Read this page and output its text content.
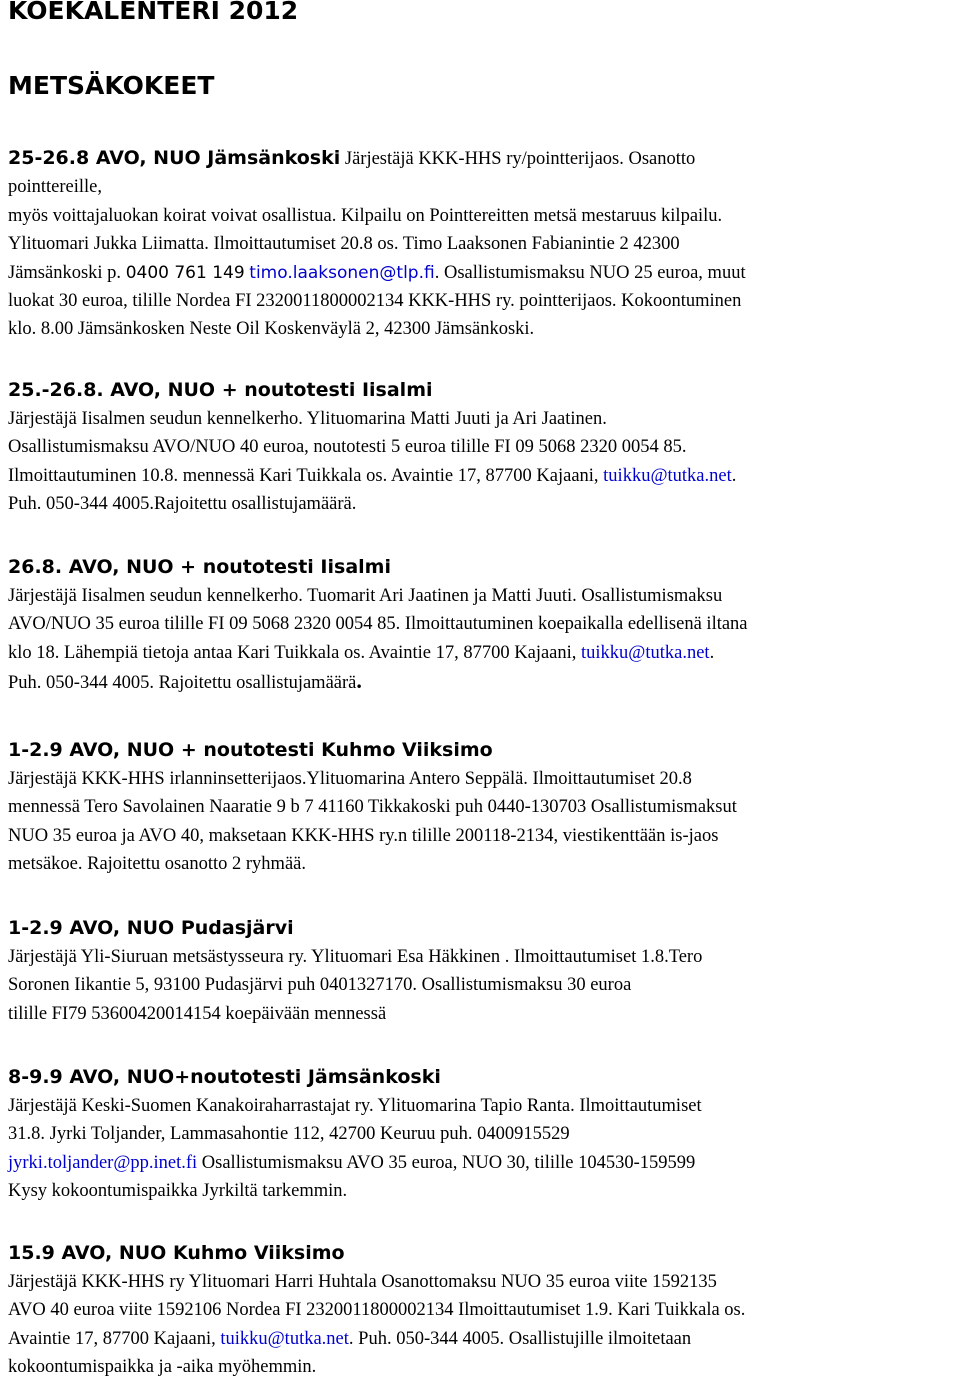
KOEKALENTERI 2012
METSÄKOKEET
25-26.8 AVO, NUO Jämsänkoski Järjestäjä KKK-HHS ry/pointterijaos. Osanotto
pointtereille,
myös voittajaluokan koirat voivat osallistua. Kilpailu on Pointtereitten metsä mestaruus kilpailu.
Ylituomari Jukka Liimatta. Ilmoittautumiset 20.8 os. Timo Laaksonen Fabianintie 2 42300
Jämsänkoski p. 0400 761 149 timo.laaksonen@tlp.fi. Osallistumismaksu NUO 25 euroa, muut
luokat 30 euroa, tilille Nordea FI 2320011800002134 KKK-HHS ry. pointterijaos. Kokoontuminen
klo. 8.00 Jämsänkosken Neste Oil Koskenväylä 2, 42300 Jämsänkoski.
25.-26.8. AVO, NUO + noutotesti Iisalmi
Järjestäjä Iisalmen seudun kennelkerho. Ylituomarina Matti Juuti ja Ari Jaatinen.
Osallistumismaksu AVO/NUO 40 euroa, noutotesti 5 euroa tilille FI 09 5068 2320 0054 85.
Ilmoittautuminen 10.8. mennessä Kari Tuikkala os. Avaintie 17, 87700 Kajaani, tuikku@tutka.net.
Puh. 050-344 4005.Rajoitettu osallistujamäärä.
26.8. AVO, NUO + noutotesti Iisalmi
Järjestäjä Iisalmen seudun kennelkerho. Tuomarit Ari Jaatinen ja Matti Juuti. Osallistumismaksu
AVO/NUO 35 euroa tilille FI 09 5068 2320 0054 85. Ilmoittautuminen koepaikalla edellisenä iltana
klo 18. Lähempiä tietoja antaa Kari Tuikkala os. Avaintie 17, 87700 Kajaani, tuikku@tutka.net.
Puh. 050-344 4005. Rajoitettu osallistujamäärä.
1-2.9 AVO, NUO + noutotesti Kuhmo Viiksimo
Järjestäjä KKK-HHS irlanninsetterijaos.Ylituomarina Antero Seppälä. Ilmoittautumiset 20.8
mennessä Tero Savolainen Naaratie 9 b 7 41160 Tikkakoski puh 0440-130703 Osallistumismaksut
NUO 35 euroa ja AVO 40, maksetaan KKK-HHS ry.n tilille 200118-2134, viestikenttään is-jaos
metsäkoe. Rajoitettu osanotto 2 ryhmää.
1-2.9 AVO, NUO Pudasjärvi
Järjestäjä Yli-Siuruan metsästysseura ry. Ylituomari Esa Häkkinen . Ilmoittautumiset 1.8.Tero
Soronen Iikantie 5, 93100 Pudasjärvi puh 0401327170. Osallistumismaksu 30 euroa
tilille FI79 53600420014154 koepäivään mennessä
8-9.9 AVO, NUO+noutotesti Jämsänkoski
Järjestäjä Keski-Suomen Kanakoiraharrastajat ry. Ylituomarina Tapio Ranta. Ilmoittautumiset
31.8. Jyrki Toljander, Lammasahontie 112, 42700 Keuruu puh. 0400915529
jyrki.toljander@pp.inet.fi Osallistumismaksu AVO 35 euroa, NUO 30, tilille 104530-159599
Kysy kokoontumispaikka Jyrkiltä tarkemmin.
15.9 AVO, NUO Kuhmo Viiksimo
Järjestäjä KKK-HHS ry Ylituomari Harri Huhtala Osanottomaksu NUO 35 euroa viite 1592135
AVO 40 euroa viite 1592106 Nordea FI 2320011800002134 Ilmoittautumiset 1.9. Kari Tuikkala os.
Avaintie 17, 87700 Kajaani, tuikku@tutka.net. Puh. 050-344 4005. Osallistujille ilmoitetaan
kokoontumispaikka ja -aika myöhemmin.
